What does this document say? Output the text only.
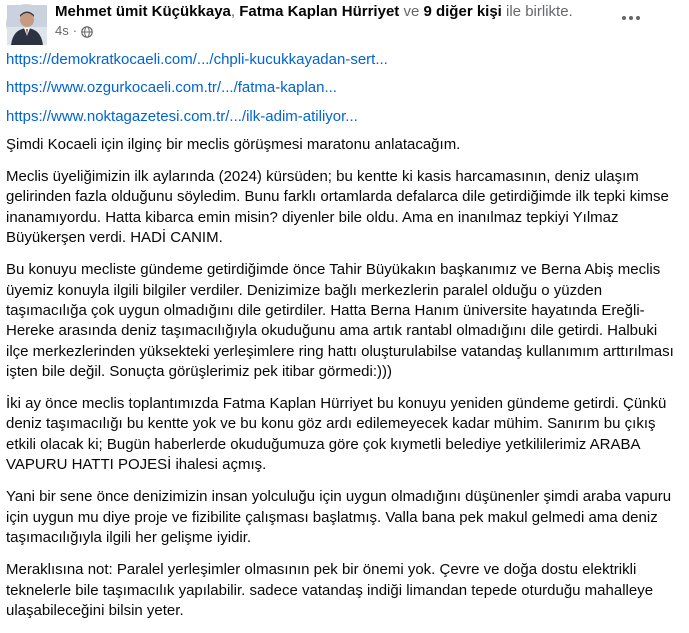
Mehmet ümit Küçükkaya, Fatma Kaplan Hürriyet ve 9 diğer kişi ile birlikte.
4s ·
https://demokratkocaeli.com/.../chpli-kucukkayadan-sert...
https://www.ozgurkocaeli.com.tr/.../fatma-kaplan...
https://www.noktagazetesi.com.tr/.../ilk-adim-atiliyor...

Şimdi Kocaeli için ilginç bir meclis görüşmesi maratonu anlatacağım.

Meclis üyeliğimizin ilk aylarında (2024) kürsüden; bu kentte ki kasis harcamasının, deniz ulaşım gelirinden fazla olduğunu söyledim. Bunu farklı ortamlarda defalarca dile getirdiğimde ilk tepki kimse inanamıyordu. Hatta kibarca emin misin? diyenler bile oldu. Ama en inanılmaz tepkiyi Yılmaz Büyükerşen verdi. HADİ CANIM.

Bu konuyu mecliste gündeme getirdiğimde önce Tahir Büyükakın başkanımız ve Berna Abiş meclis üyemiz konuyla ilgili bilgiler verdiler. Denizimize bağlı merkezlerin paralel olduğu o yüzden taşımacılığa çok uygun olmadığını dile getirdiler. Hatta Berna Hanım üniversite hayatında Ereğli-Hereke arasında deniz taşımacılığıyla okuduğunu ama artık rantabl olmadığını dile getirdi. Halbuki ilçe merkezlerinden yüksekteki yerleşimlere ring hattı oluşturulabilse vatandaş kullanımım arttırılması işten bile değil. Sonuçta görüşlerimiz pek itibar görmedi:)))

İki ay önce meclis toplantımızda Fatma Kaplan Hürriyet bu konuyu yeniden gündeme getirdi. Çünkü deniz taşımacılığı bu kentte yok ve bu konu göz ardı edilemeyecek kadar mühim. Sanırım bu çıkış etkili olacak ki; Bugün haberlerde okuduğumuza göre çok kıymetli belediye yetkililerimiz ARABA VAPURU HATTI POJESİ ihalesi açmış.

Yani bir sene önce denizimizin insan yolculuğu için uygun olmadığını düşünenler şimdi araba vapuru için uygun mu diye proje ve fizibilite çalışması başlatmış. Valla bana pek makul gelmedi ama deniz taşımacılığıyla ilgili her gelişme iyidir.

Meraklısına not: Paralel yerleşimler olmasının pek bir önemi yok. Çevre ve doğa dostu elektrikli teknelerle bile taşımacılık yapılabilir. sadece vatandaş indiği limandan tepede oturduğu mahalleye ulaşabileceğini bilsin yeter.
